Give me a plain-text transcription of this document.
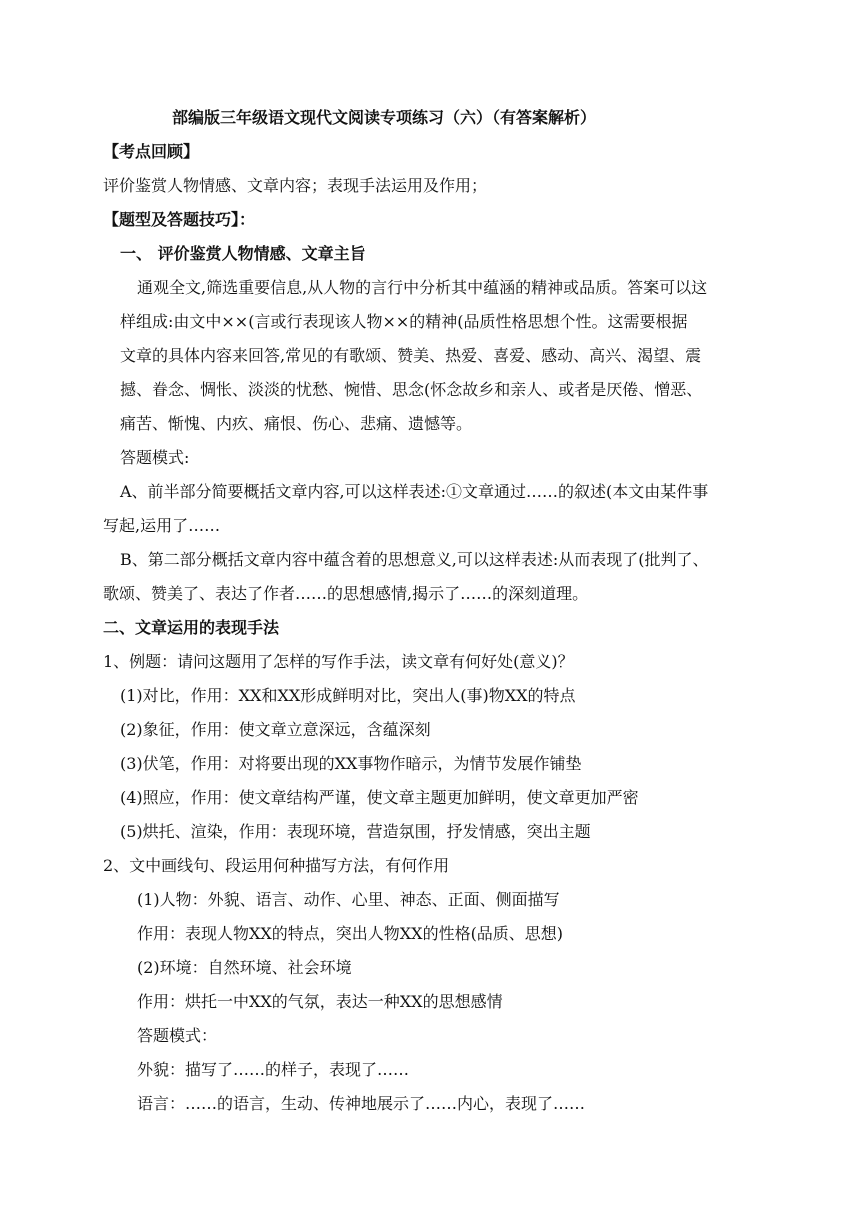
部编版三年级语文现代文阅读专项练习（六）（有答案解析）
【考点回顾】
评价鉴赏人物情感、文章内容；表现手法运用及作用；
【题型及答题技巧】：
一、 评价鉴赏人物情感、文章主旨
通观全文,筛选重要信息,从人物的言行中分析其中蕴涵的精神或品质。答案可以这
样组成:由文中××(言或行表现该人物××的精神(品质性格思想个性。这需要根据
文章的具体内容来回答,常见的有歌颂、赞美、热爱、喜爱、感动、高兴、渴望、震
撼、眷念、惆怅、淡淡的忧愁、惋惜、思念(怀念故乡和亲人、或者是厌倦、憎恶、
痛苦、惭愧、内疚、痛恨、伤心、悲痛、遗憾等。
答题模式:
A、前半部分简要概括文章内容,可以这样表述:①文章通过……的叙述(本文由某件事
写起,运用了……
B、第二部分概括文章内容中蕴含着的思想意义,可以这样表述:从而表现了(批判了、
歌颂、赞美了、表达了作者……的思想感情,揭示了……的深刻道理。
二、文章运用的表现手法
1、例题：请问这题用了怎样的写作手法，读文章有何好处(意义)？
(1)对比，作用：XX和XX形成鲜明对比，突出人(事)物XX的特点
(2)象征，作用：使文章立意深远，含蕴深刻
(3)伏笔，作用：对将要出现的XX事物作暗示，为情节发展作铺垫
(4)照应，作用：使文章结构严谨，使文章主题更加鲜明，使文章更加严密
(5)烘托、渲染，作用：表现环境，营造氛围，抒发情感，突出主题
2、文中画线句、段运用何种描写方法，有何作用
(1)人物：外貌、语言、动作、心里、神态、正面、侧面描写
作用：表现人物XX的特点，突出人物XX的性格(品质、思想)
(2)环境：自然环境、社会环境
作用：烘托一中XX的气氛，表达一种XX的思想感情
答题模式：
外貌：描写了……的样子，表现了……
语言：……的语言，生动、传神地展示了……内心，表现了……
